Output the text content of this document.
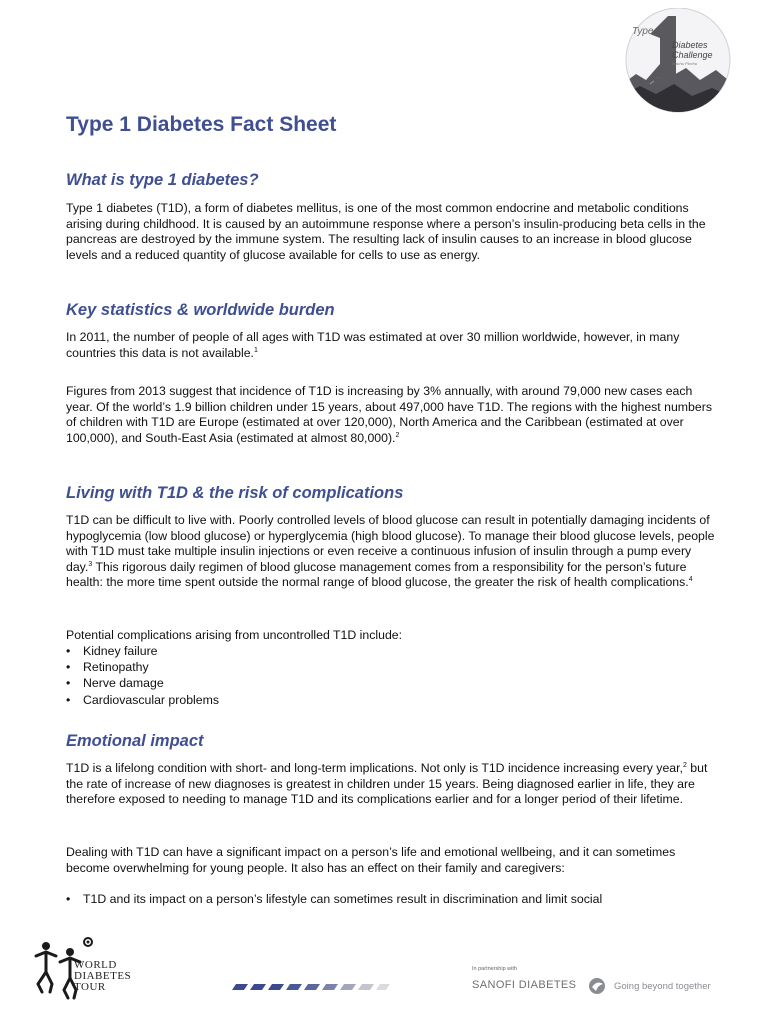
Type
Diabetes
Challenge
Machu Picchu
Type 1 Diabetes Fact Sheet
What is type 1 diabetes?

Type 1 diabetes (T1D), a form of diabetes mellitus, is one of the most common endocrine and metabolic conditions arising during childhood. It is caused by an autoimmune response where a person’s insulin-producing beta cells in the pancreas are destroyed by the immune system. The resulting lack of insulin causes to an increase in blood glucose levels and a reduced quantity of glucose available for cells to use as energy.

Key statistics & worldwide burden

In 2011, the number of people of all ages with T1D was estimated at over 30 million worldwide, however, in many countries this data is not available.$^1$

Figures from 2013 suggest that incidence of T1D is increasing by 3% annually, with around 79,000 new cases each year. Of the world’s 1.9 billion children under 15 years, about 497,000 have T1D. The regions with the highest numbers of children with T1D are Europe (estimated at over 120,000), North America and the Caribbean (estimated at over 100,000), and South-East Asia (estimated at almost 80,000).$^2$

Living with T1D & the risk of complications

T1D can be difficult to live with. Poorly controlled levels of blood glucose can result in potentially damaging incidents of hypoglycemia (low blood glucose) or hyperglycemia (high blood glucose). To manage their blood glucose levels, people with T1D must take multiple insulin injections or even receive a continuous infusion of insulin through a pump every day.$^3$ This rigorous daily regimen of blood glucose management comes from a responsibility for the person’s future health: the more time spent outside the normal range of blood glucose, the greater the risk of health complications.$^4$

Potential complications arising from uncontrolled T1D include:

• Kidney failure
• Retinopathy
• Nerve damage
• Cardiovascular problems
Emotional impact

T1D is a lifelong condition with short- and long-term implications. Not only is T1D incidence increasing every year,$^2$ but the rate of increase of new diagnoses is greatest in children under 15 years. Being diagnosed earlier in life, they are therefore exposed to needing to manage T1D and its complications earlier and for a longer period of their lifetime.

Dealing with T1D can have a significant impact on a person’s life and emotional wellbeing, and it can sometimes become overwhelming for young people. It also has an effect on their family and caregivers:

• T1D and its impact on a person’s lifestyle can sometimes result in discrimination and limit social
WORLD
DIABETES
TOUR
In partnership with
SANOFI DIABETES	Going beyond together
